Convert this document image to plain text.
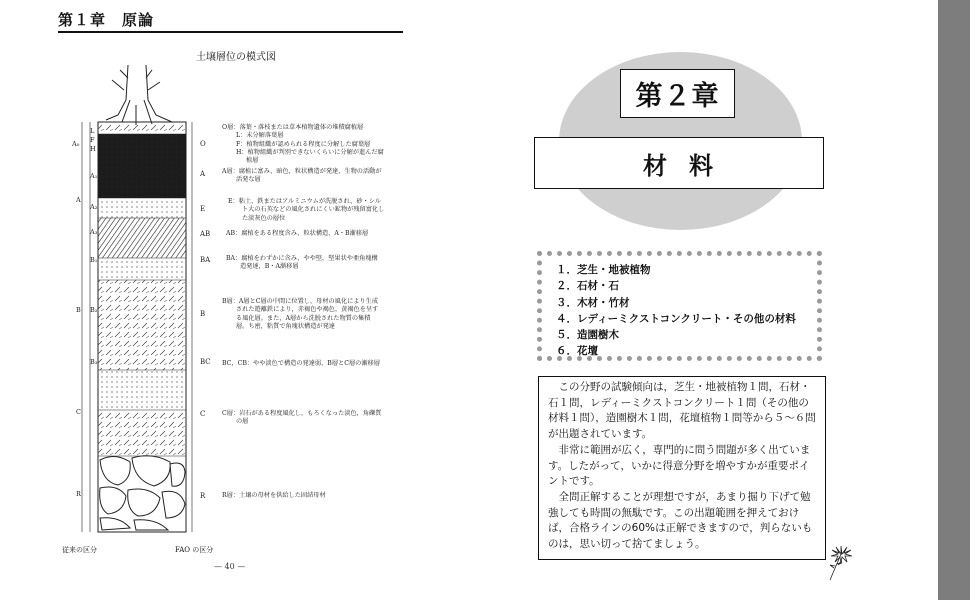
第１章　原論
土壌層位の模式図
A₀
L
F
H
A
A₁
A₂
A₃
B₁
B B₂
B₃
C
R
O
A
E
AB
BA
B
BC
C
R
O層：落葉・落枝または草本植物遺体の堆積腐植層

L：未分解落葉層
F：植物組織が認められる程度に分解した腐葉層
H：植物組織が判別できないくらいに分解が進んだ腐
植層
A層：腐植に富み，暗色，粒状構造が発達，生物の活動が

活発な層
E：粘土，鉄またはアルミニウムが洗脱され，砂・シル

ト大の石英などの風化されにくい鉱物が残留富化し
た淡灰色の層位
AB：腐植をある程度含み，粒状構造，A・B漸移層
BA：腐植をわずかに含み，やや堅，堅果状や亜角塊構

造発達，B・A漸移層
B層：A層とC層の中間に位置し，母材の風化により生成

された遊離鉄により，赤褐色や褐色，黄褐色を呈す
る風化層。また，A層から洗脱された物質の集積
層。ち密，粘質で角塊状構造が発達
BC，CB：やや淡色で構造の発達弱，B層とC層の漸移層
C層：岩石がある程度風化し，もろくなった淡色，角礫質

の層
R層：土壌の母材を供給した固結母材
従来の区分	FAO の区分
— 40 —
第２章
材料
１．芝生・地被植物
２．石材・石
３．木材・竹材
４．レディーミクストコンクリート・その他の材料
５．造園樹木
６．花壇

この分野の試験傾向は，芝生・地被植物１問，石材・石１問，レディーミクストコンクリート１問（その他の材料１問），造園樹木１問，花壇植物１問等から５～６問が出題されています。

非常に範囲が広く，専門的に問う問題が多く出ています。したがって，いかに得意分野を増やすかが重要ポイントです。

全問正解することが理想ですが，あまり掘り下げて勉強しても時間の無駄です。この出題範囲を押えておけば，合格ラインの60%は正解できますので，判らないものは，思い切って捨てましょう。
